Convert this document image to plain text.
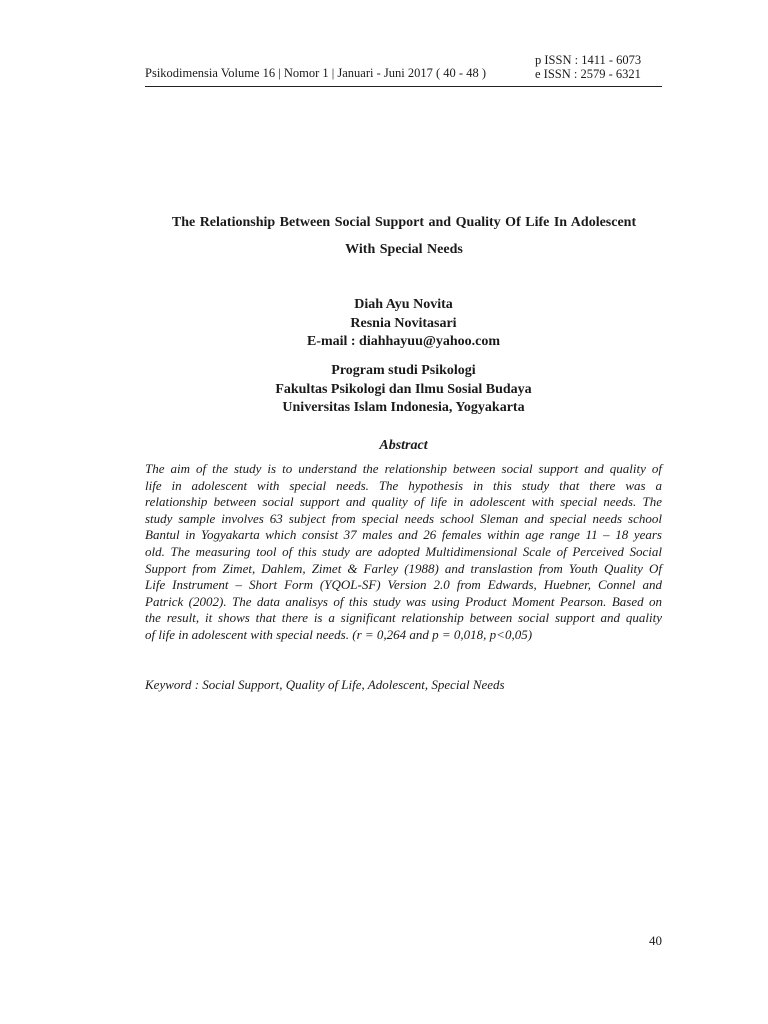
Psikodimensia Volume 16 | Nomor 1 | Januari - Juni 2017 ( 40 - 48 )
p ISSN : 1411 - 6073
e ISSN : 2579 - 6321
The Relationship Between Social Support and Quality Of Life In Adolescent
With Special Needs
Diah Ayu Novita
Resnia Novitasari
E-mail : diahhayuu@yahoo.com
Program studi Psikologi
Fakultas Psikologi dan Ilmu Sosial Budaya
Universitas Islam Indonesia, Yogyakarta
Abstract
The aim of the study is to understand the relationship between social support and quality of
life in adolescent with special needs. The hypothesis in this study that there was a
relationship between social support and quality of life in adolescent with special needs. The
study sample involves 63 subject from special needs school Sleman and special needs school
Bantul in Yogyakarta which consist 37 males and 26 females within age range 11 – 18 years
old. The measuring tool of this study are adopted Multidimensional Scale of Perceived Social
Support from Zimet, Dahlem, Zimet & Farley (1988) and translastion from Youth Quality Of
Life Instrument – Short Form (YQOL-SF) Version 2.0 from Edwards, Huebner, Connel and
Patrick (2002). The data analisys of this study was using Product Moment Pearson. Based on
the result, it shows that there is a significant relationship between social support and quality
of life in adolescent with special needs. (r = 0,264 and p = 0,018, p<0,05)
Keyword : Social Support, Quality of Life, Adolescent, Special Needs
40
